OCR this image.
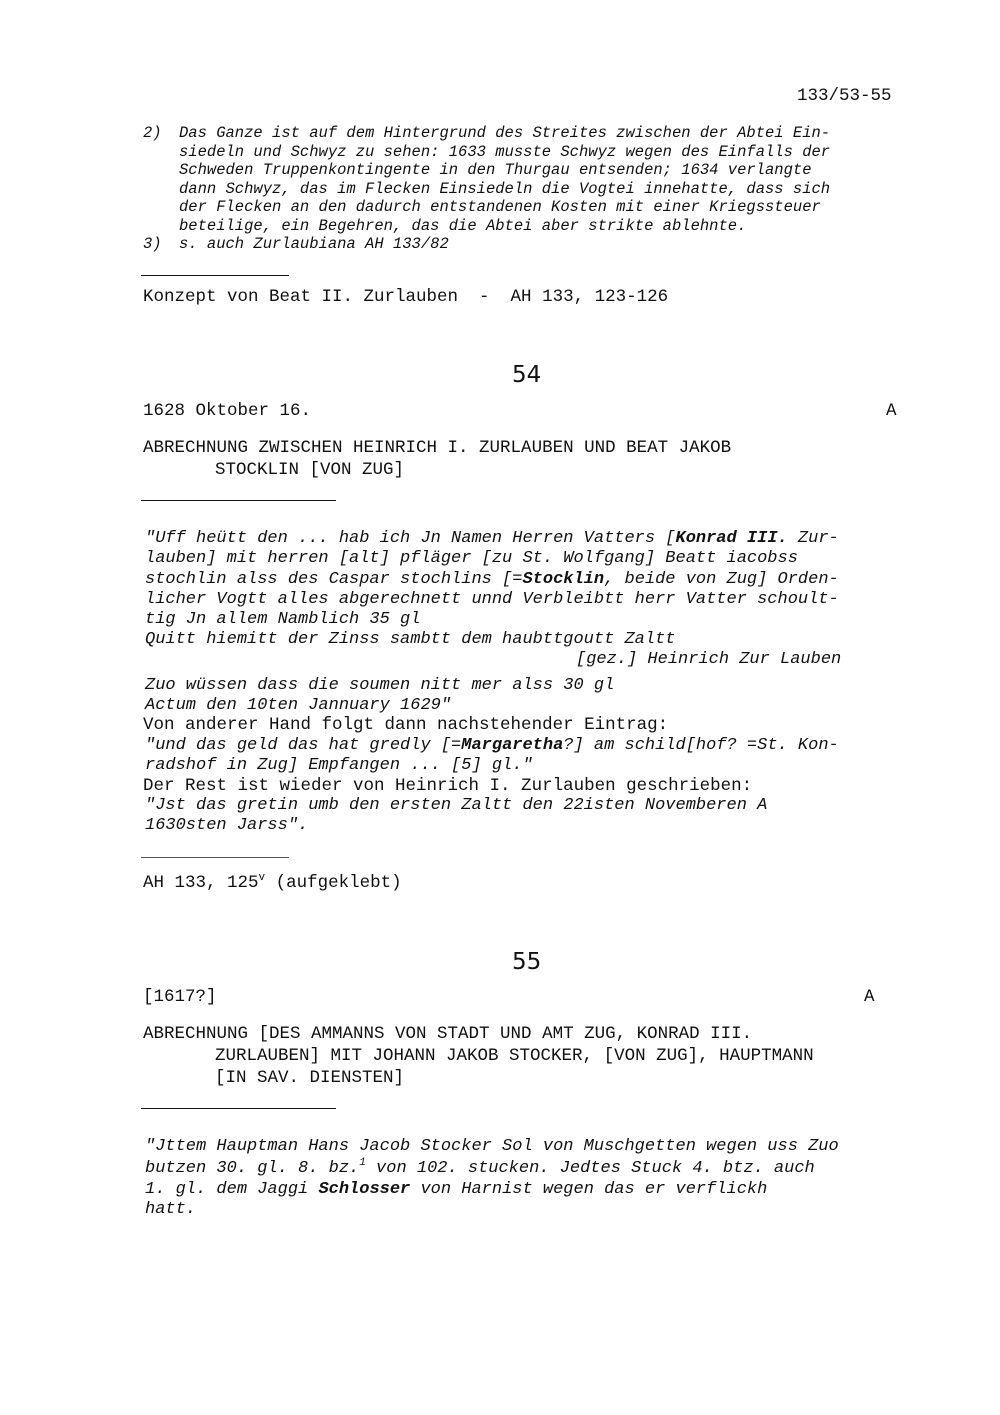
133/53-55
2) Das Ganze ist auf dem Hintergrund des Streites zwischen der Abtei Ein-
siedeln und Schwyz zu sehen: 1633 musste Schwyz wegen des Einfalls der
Schweden Truppenkontingente in den Thurgau entsenden; 1634 verlangte
dann Schwyz, das im Flecken Einsiedeln die Vogtei innehatte, dass sich
der Flecken an den dadurch entstandenen Kosten mit einer Kriegssteuer
beteilige, ein Begehren, das die Abtei aber strikte ablehnte.
3) s. auch Zurlaubiana AH 133/82
Konzept von Beat II. Zurlauben  -  AH 133, 123-126
54
1628 Oktober 16.	A
ABRECHNUNG ZWISCHEN HEINRICH I. ZURLAUBEN UND BEAT JAKOB
STOCKLIN [VON ZUG]
"Uff heütt den ... hab ich Jn Namen Herren Vatters [Konrad III. Zur-
lauben] mit herren [alt] pfläger [zu St. Wolfgang] Beatt iacobss
stochlin alss des Caspar stochlins [=Stocklin, beide von Zug] Orden-
licher Vogtt alles abgerechnett unnd Verbleibtt herr Vatter schoult-
tig Jn allem Namblich 35 gl
Quitt hiemitt der Zinss sambtt dem haubttgoutt Zaltt
[gez.] Heinrich Zur Lauben
Zuo wüssen dass die soumen nitt mer alss 30 gl
Actum den 10ten Jannuary 1629"
Von anderer Hand folgt dann nachstehender Eintrag:
"und das geld das hat gredly [=Margaretha?] am schild[hof? =St. Kon-
radshof in Zug] Empfangen ... [5] gl."
Der Rest ist wieder von Heinrich I. Zurlauben geschrieben:
"Jst das gretin umb den ersten Zaltt den 22isten Novemberen A
1630sten Jarss".
AH 133, 125$^v$ (aufgeklebt)
55
[1617?]	A
ABRECHNUNG [DES AMMANNS VON STADT UND AMT ZUG, KONRAD III.
ZURLAUBEN] MIT JOHANN JAKOB STOCKER, [VON ZUG], HAUPTMANN
[IN SAV. DIENSTEN]
"Jttem Hauptman Hans Jacob Stocker Sol von Muschgetten wegen uss Zuo
butzen 30. gl. 8. bz.$^1$ von 102. stucken. Jedtes Stuck 4. btz. auch
1. gl. dem Jaggi Schlosser von Harnist wegen das er verflickh
hatt.
